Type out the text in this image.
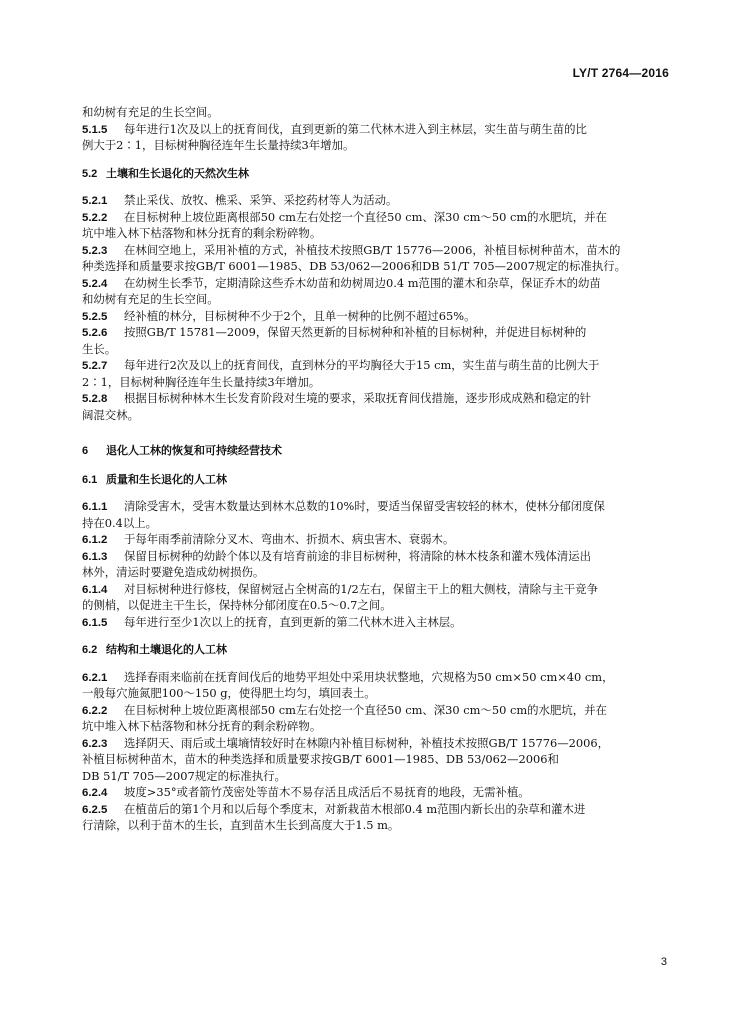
LY/T 2764—2016
和幼树有充足的生长空间。
5.1.5 每年进行1次及以上的抚育间伐，直到更新的第二代林木进入到主林层，实生苗与萌生苗的比
例大于2∶1，目标树种胸径连年生长量持续3年增加。
5.2 土壤和生长退化的天然次生林
5.2.1 禁止采伐、放牧、樵采、采笋、采挖药材等人为活动。
5.2.2 在目标树种上坡位距离根部50 cm左右处挖一个直径50 cm、深30 cm～50 cm的水肥坑，并在
坑中堆入林下枯落物和林分抚育的剩余粉碎物。
5.2.3 在林间空地上，采用补植的方式，补植技术按照GB/T 15776—2006，补植目标树种苗木，苗木的
种类选择和质量要求按GB/T 6001—1985、DB 53/062—2006和DB 51/T 705—2007规定的标准执行。
5.2.4 在幼树生长季节，定期清除这些乔木幼苗和幼树周边0.4 m范围的灌木和杂草，保证乔木的幼苗
和幼树有充足的生长空间。
5.2.5 经补植的林分，目标树种不少于2个，且单一树种的比例不超过65%。
5.2.6 按照GB/T 15781—2009，保留天然更新的目标树种和补植的目标树种，并促进目标树种的
生长。
5.2.7 每年进行2次及以上的抚育间伐，直到林分的平均胸径大于15 cm，实生苗与萌生苗的比例大于
2∶1，目标树种胸径连年生长量持续3年增加。
5.2.8 根据目标树种林木生长发育阶段对生境的要求，采取抚育间伐措施，逐步形成成熟和稳定的针
阔混交林。
6 退化人工林的恢复和可持续经营技术
6.1 质量和生长退化的人工林
6.1.1 清除受害木，受害木数量达到林木总数的10%时，要适当保留受害较轻的林木，使林分郁闭度保
持在0.4以上。
6.1.2 于每年雨季前清除分叉木、弯曲木、折损木、病虫害木、衰弱木。
6.1.3 保留目标树种的幼龄个体以及有培育前途的非目标树种，将清除的林木枝条和灌木残体清运出
林外，清运时要避免造成幼树损伤。
6.1.4 对目标树种进行修枝，保留树冠占全树高的1/2左右，保留主干上的粗大侧枝，清除与主干竞争
的侧梢，以促进主干生长，保持林分郁闭度在0.5～0.7之间。
6.1.5 每年进行至少1次以上的抚育，直到更新的第二代林木进入主林层。
6.2 结构和土壤退化的人工林
6.2.1 选择春雨来临前在抚育间伐后的地势平坦处中采用块状整地，穴规格为50 cm×50 cm×40 cm，
一般每穴施氮肥100～150 g，使得肥土均匀，填回表土。
6.2.2 在目标树种上坡位距离根部50 cm左右处挖一个直径50 cm、深30 cm～50 cm的水肥坑，并在
坑中堆入林下枯落物和林分抚育的剩余粉碎物。
6.2.3 选择阴天、雨后或土壤墒情较好时在林隙内补植目标树种，补植技术按照GB/T 15776—2006，
补植目标树种苗木，苗木的种类选择和质量要求按GB/T 6001—1985、DB 53/062—2006和
DB 51/T 705—2007规定的标准执行。
6.2.4 坡度>35°或者箭竹茂密处等苗木不易存活且成活后不易抚育的地段，无需补植。
6.2.5 在植苗后的第1个月和以后每个季度末，对新栽苗木根部0.4 m范围内新长出的杂草和灌木进
行清除，以利于苗木的生长，直到苗木生长到高度大于1.5 m。
3
